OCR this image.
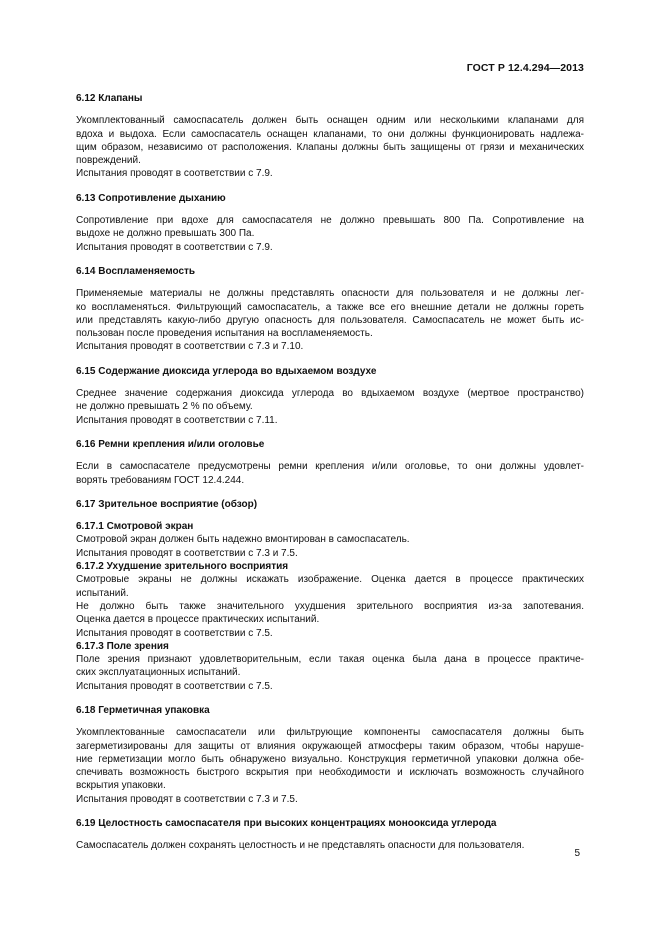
ГОСТ Р 12.4.294—2013
6.12 Клапаны
Укомплектованный самоспасатель должен быть оснащен одним или несколькими клапанами для
вдоха и выдоха. Если самоспасатель оснащен клапанами, то они должны функционировать надлежа-
щим образом, независимо от расположения. Клапаны должны быть защищены от грязи и механических
повреждений.
Испытания проводят в соответствии с 7.9.
6.13 Сопротивление дыханию
Сопротивление при вдохе для самоспасателя не должно превышать 800 Па. Сопротивление на
выдохе не должно превышать 300 Па.
Испытания проводят в соответствии с 7.9.
6.14 Воспламеняемость
Применяемые материалы не должны представлять опасности для пользователя и не должны лег-
ко воспламеняться. Фильтрующий самоспасатель, а также все его внешние детали не должны гореть
или представлять какую-либо другую опасность для пользователя. Самоспасатель не может быть ис-
пользован после проведения испытания на воспламеняемость.
Испытания проводят в соответствии с 7.3 и 7.10.
6.15 Содержание диоксида углерода во вдыхаемом воздухе
Среднее значение содержания диоксида углерода во вдыхаемом воздухе (мертвое пространство)
не должно превышать 2 % по объему.
Испытания проводят в соответствии с 7.11.
6.16 Ремни крепления и/или оголовье
Если в самоспасателе предусмотрены ремни крепления и/или оголовье, то они должны удовлет-
ворять требованиям ГОСТ 12.4.244.
6.17 Зрительное восприятие (обзор)
6.17.1 Смотровой экран
Смотровой экран должен быть надежно вмонтирован в самоспасатель.
Испытания проводят в соответствии с 7.3 и 7.5.
6.17.2 Ухудшение зрительного восприятия
Смотровые экраны не должны искажать изображение. Оценка дается в процессе практических
испытаний.
Не должно быть также значительного ухудшения зрительного восприятия из-за запотевания.
Оценка дается в процессе практических испытаний.
Испытания проводят в соответствии с 7.5.
6.17.3 Поле зрения
Поле зрения признают удовлетворительным, если такая оценка была дана в процессе практиче-
ских эксплуатационных испытаний.
Испытания проводят в соответствии с 7.5.
6.18 Герметичная упаковка
Укомплектованные самоспасатели или фильтрующие компоненты самоспасателя должны быть
загерметизированы для защиты от влияния окружающей атмосферы таким образом, чтобы наруше-
ние герметизации могло быть обнаружено визуально. Конструкция герметичной упаковки должна обе-
спечивать возможность быстрого вскрытия при необходимости и исключать возможность случайного
вскрытия упаковки.
Испытания проводят в соответствии с 7.3 и 7.5.
6.19 Целостность самоспасателя при высоких концентрациях монооксида углерода
Самоспасатель должен сохранять целостность и не представлять опасности для пользователя.
5
